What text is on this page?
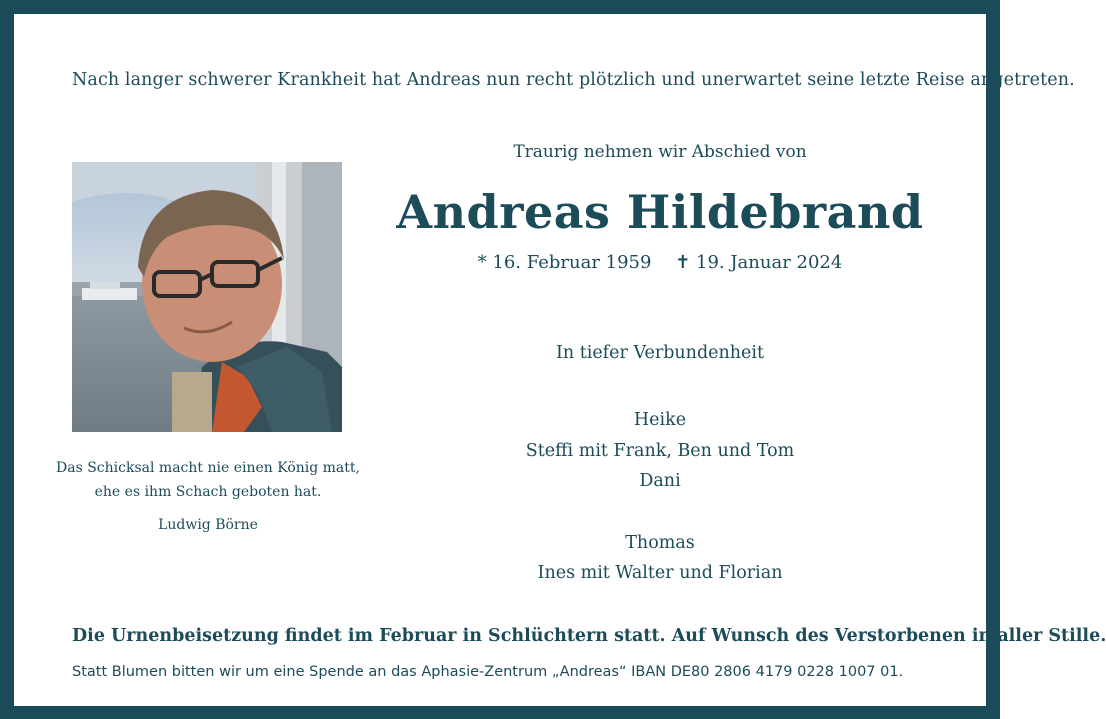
Nach langer schwerer Krankheit hat Andreas nun recht plötzlich und unerwartet seine letzte Reise angetreten.
Traurig nehmen wir Abschied von
Andreas Hildebrand
* 16. Februar 1959 ✝ 19. Januar 2024
Das Schicksal macht nie einen König matt,
ehe es ihm Schach geboten hat.
Ludwig Börne
In tiefer Verbundenheit
Heike
Steffi mit Frank, Ben und Tom
Dani
Thomas
Ines mit Walter und Florian
Die Urnenbeisetzung findet im Februar in Schlüchtern statt. Auf Wunsch des Verstorbenen in aller Stille.
Statt Blumen bitten wir um eine Spende an das Aphasie-Zentrum „Andreas“ IBAN DE80 2806 4179 0228 1007 01.
